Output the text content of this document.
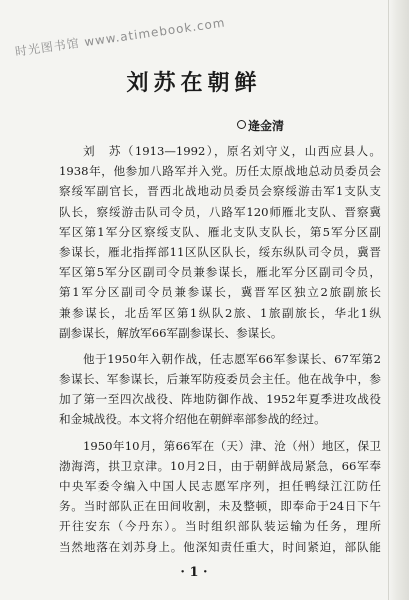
时光图书馆 www.atimebook.com
刘苏在朝鲜
逄金清
刘　苏（1913—1992），原名刘守义，山西应县人。
1938年，他参加八路军并入党。历任太原战地总动员委员会
察绥军副官长，晋西北战地动员委员会察绥游击军1支队支
队长，察绥游击队司令员，八路军120师雁北支队、晋察冀
军区第1军分区察绥支队、雁北支队支队长，第5军分区副
参谋长，雁北指挥部11区队区队长，绥东纵队司令员，冀晋
军区第5军分区副司令员兼参谋长，雁北军分区副司令员，
第1军分区副司令员兼参谋长，冀晋军区独立2旅副旅长
兼参谋长，北岳军区第1纵队2旅、1旅副旅长，华北1纵
副参谋长，解放军66军副参谋长、参谋长。
他于1950年入朝作战，任志愿军66军参谋长、67军第2
参谋长、军参谋长，后兼军防疫委员会主任。他在战争中，参
加了第一至四次战役、阵地防御作战、1952年夏季进攻战役
和金城战役。本文将介绍他在朝鲜率部参战的经过。
1950年10月，第66军在（天）津、沧（州）地区，保卫
渤海湾，拱卫京津。10月2日，由于朝鲜战局紧急，66军奉
中央军委令编入中国人民志愿军序列，担任鸭绿江江防任
务。当时部队正在田间收割，未及整顿，即奉命于24日下午
开往安东（今丹东）。当时组织部队装运输为任务，理所
当然地落在刘苏身上。他深知责任重大，时间紧迫，部队能
· 1 ·
